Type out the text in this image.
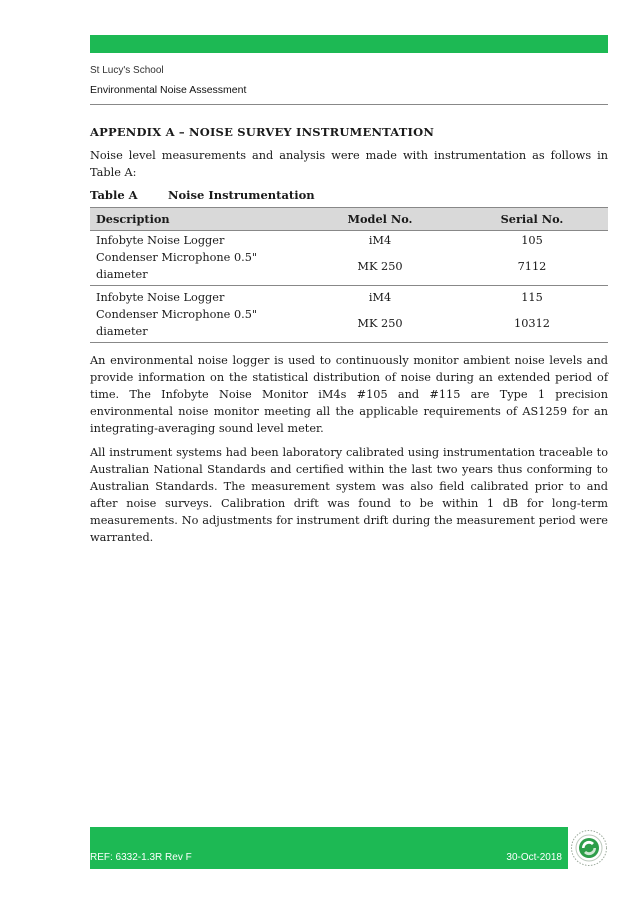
St Lucy's School
Environmental Noise Assessment
APPENDIX A – NOISE SURVEY INSTRUMENTATION

Noise level measurements and analysis were made with instrumentation as follows in Table A:

Table A	Noise Instrumentation
Description	Model No.	Serial No.
Infobyte Noise Logger	iM4	105
Condenser Microphone 0.5" diameter	MK 250	7112
Infobyte Noise Logger	iM4	115
Condenser Microphone 0.5" diameter	MK 250	10312

An environmental noise logger is used to continuously monitor ambient noise levels and provide information on the statistical distribution of noise during an extended period of time. The Infobyte Noise Monitor iM4s #105 and #115 are Type 1 precision environmental noise monitor meeting all the applicable requirements of AS1259 for an integrating-averaging sound level meter.

All instrument systems had been laboratory calibrated using instrumentation traceable to Australian National Standards and certified within the last two years thus conforming to Australian Standards. The measurement system was also field calibrated prior to and after noise surveys. Calibration drift was found to be within 1 dB for long-term measurements. No adjustments for instrument drift during the measurement period were warranted.

REF: 6332-1.3R Rev F	30-Oct-2018
